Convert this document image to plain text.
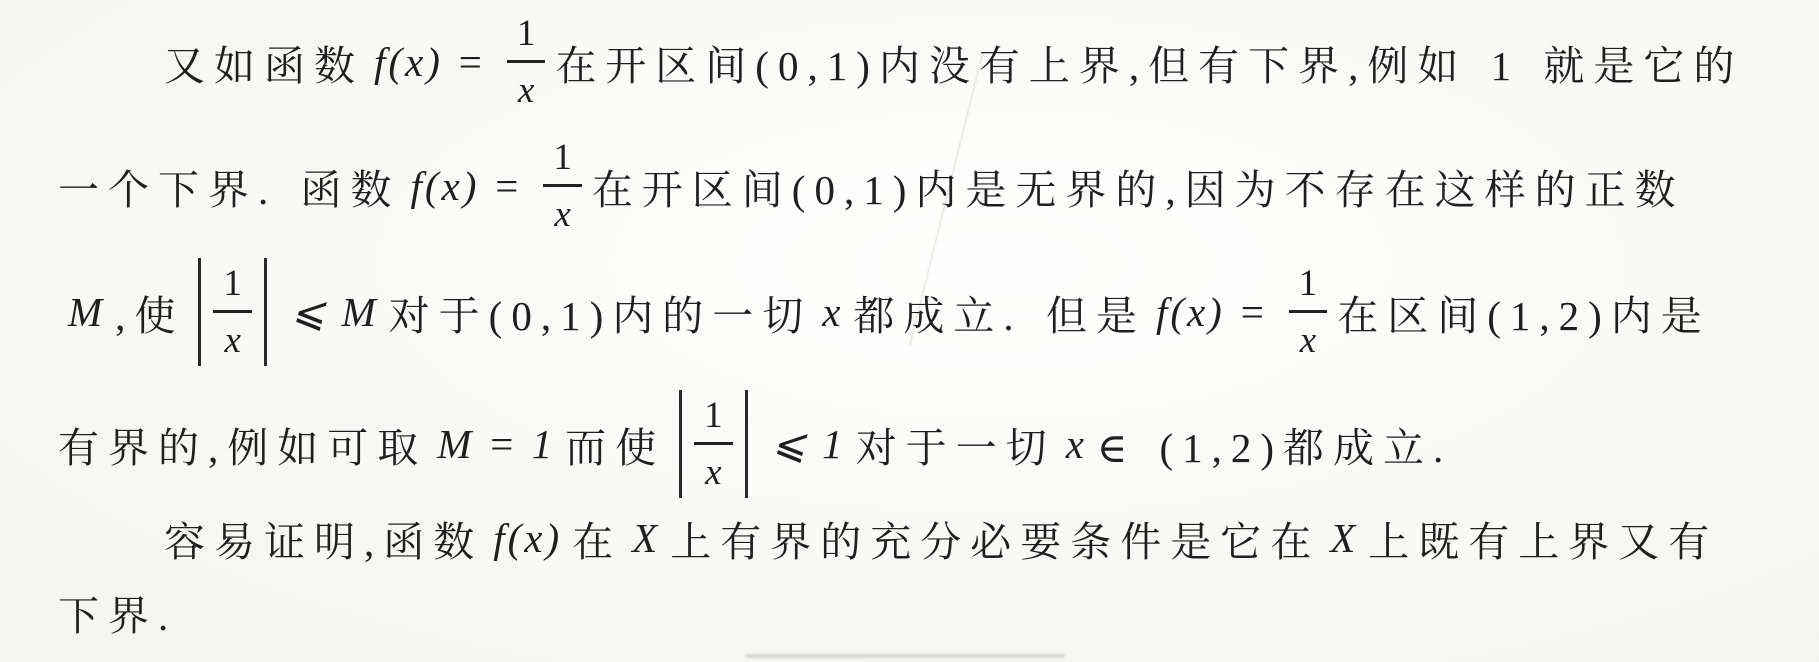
又如函数 $f(x) = \frac{1}{x}$ 在开区间(0,1)内没有上界,但有下界,例如 1 就是它的
一个下界. 函数 $f(x) = \frac{1}{x}$ 在开区间(0,1)内是无界的,因为不存在这样的正数
M ,使 $\frac{1}{x}$ ⩽ M 对于(0,1)内的一切 x 都成立. 但是 $f(x) = \frac{1}{x}$ 在区间(1,2)内是
有界的,例如可取 M = 1 而使 $\frac{1}{x}$ ⩽ 1 对于一切 x ∈ (1,2)都成立.
容易证明,函数 f(x) 在 X 上有界的充分必要条件是它在 X 上既有上界又有
下界.
